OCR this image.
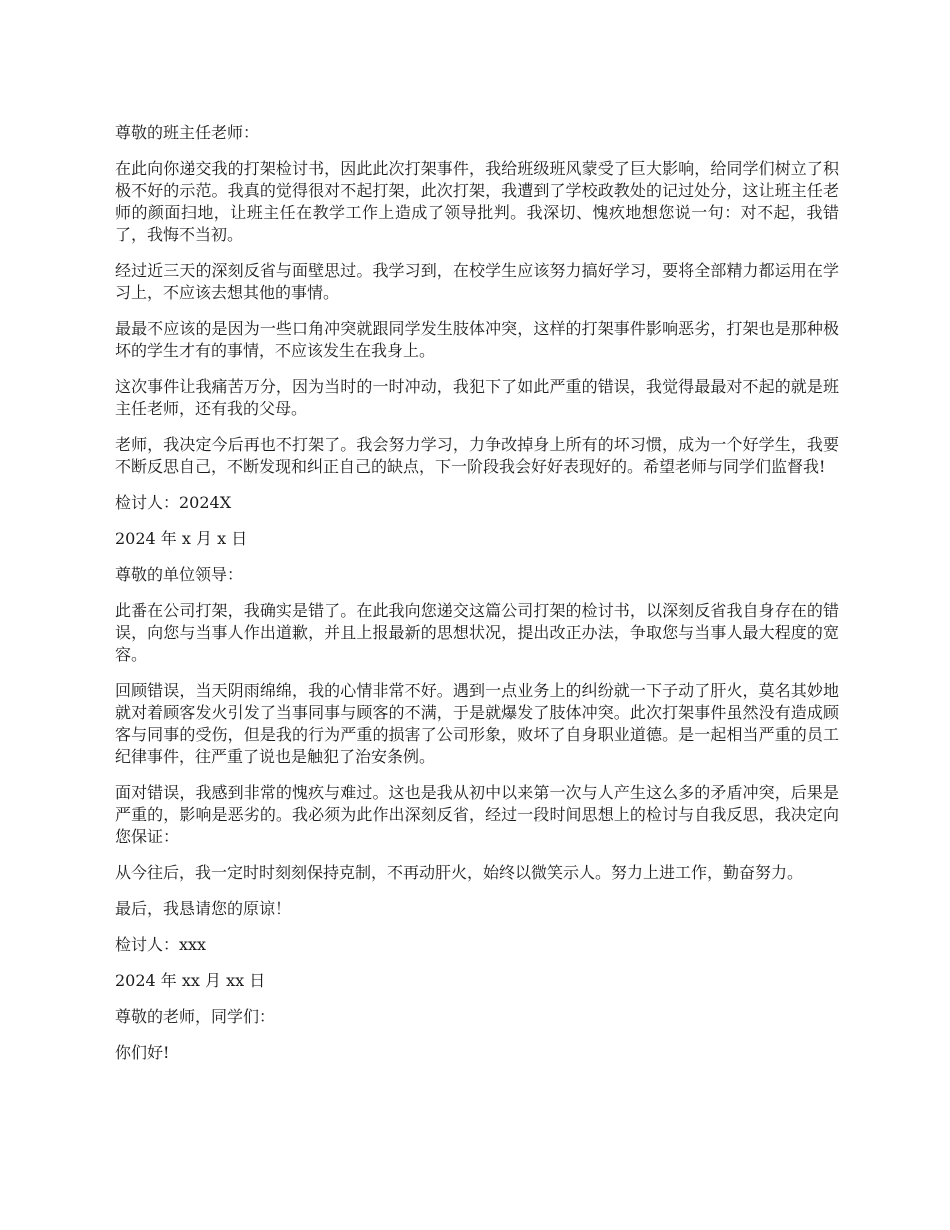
尊敬的班主任老师：

在此向你递交我的打架检讨书，因此此次打架事件，我给班级班风蒙受了巨大影响，给同学们树立了积极不好的示范。我真的觉得很对不起打架，此次打架，我遭到了学校政教处的记过处分，这让班主任老师的颜面扫地，让班主任在教学工作上造成了领导批判。我深切、愧疚地想您说一句：对不起，我错了，我悔不当初。

经过近三天的深刻反省与面壁思过。我学习到，在校学生应该努力搞好学习，要将全部精力都运用在学习上，不应该去想其他的事情。

最最不应该的是因为一些口角冲突就跟同学发生肢体冲突，这样的打架事件影响恶劣，打架也是那种极坏的学生才有的事情，不应该发生在我身上。

这次事件让我痛苦万分，因为当时的一时冲动，我犯下了如此严重的错误，我觉得最最对不起的就是班主任老师，还有我的父母。

老师，我决定今后再也不打架了。我会努力学习，力争改掉身上所有的坏习惯，成为一个好学生，我要不断反思自己，不断发现和纠正自己的缺点，下一阶段我会好好表现好的。希望老师与同学们监督我!

检讨人：2024X

2024 年 x 月 x 日

尊敬的单位领导：

此番在公司打架，我确实是错了。在此我向您递交这篇公司打架的检讨书，以深刻反省我自身存在的错误，向您与当事人作出道歉，并且上报最新的思想状况，提出改正办法，争取您与当事人最大程度的宽容。

回顾错误，当天阴雨绵绵，我的心情非常不好。遇到一点业务上的纠纷就一下子动了肝火，莫名其妙地就对着顾客发火引发了当事同事与顾客的不满，于是就爆发了肢体冲突。此次打架事件虽然没有造成顾客与同事的受伤，但是我的行为严重的损害了公司形象，败坏了自身职业道德。是一起相当严重的员工纪律事件，往严重了说也是触犯了治安条例。

面对错误，我感到非常的愧疚与难过。这也是我从初中以来第一次与人产生这么多的矛盾冲突，后果是严重的，影响是恶劣的。我必须为此作出深刻反省，经过一段时间思想上的检讨与自我反思，我决定向您保证：

从今往后，我一定时时刻刻保持克制，不再动肝火，始终以微笑示人。努力上进工作，勤奋努力。

最后，我恳请您的原谅！

检讨人：xxx

2024 年 xx 月 xx 日

尊敬的老师，同学们：

你们好!
